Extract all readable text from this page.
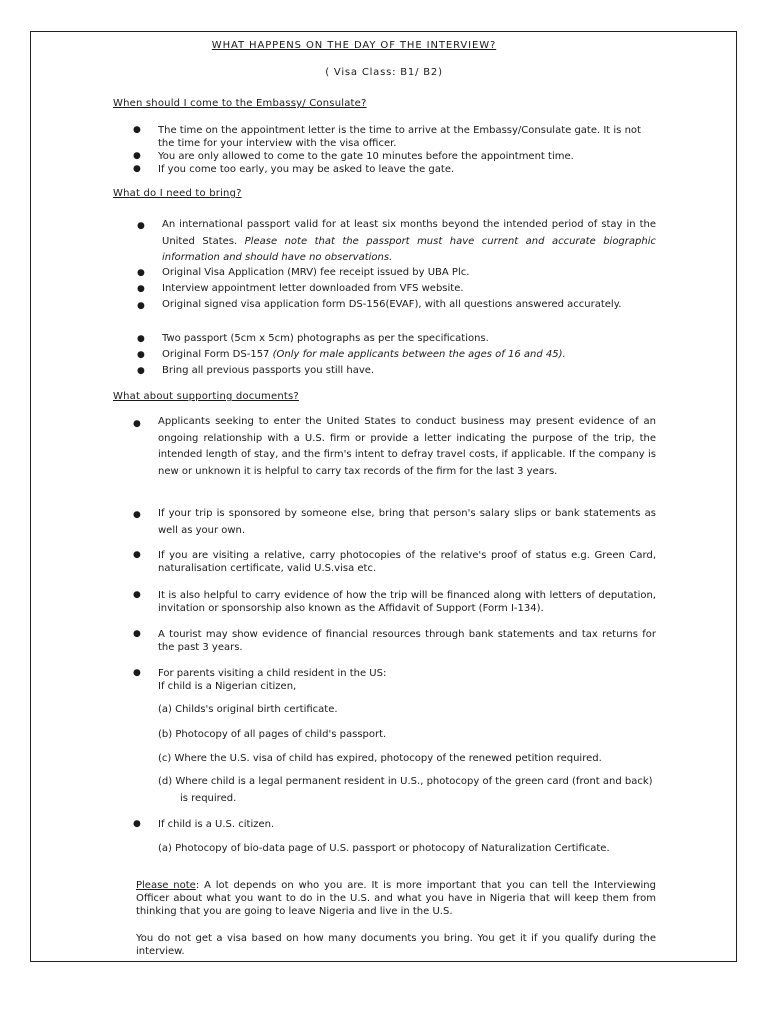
WHAT HAPPENS ON THE DAY OF THE INTERVIEW?

( Visa Class: B1/ B2)

When should I come to the Embassy/ Consulate?

● The time on the appointment letter is the time to arrive at the Embassy/Consulate gate. It is not the time for your interview with the visa officer.
● You are only allowed to come to the gate 10 minutes before the appointment time.
● If you come too early, you may be asked to leave the gate.

What do I need to bring?

● An international passport valid for at least six months beyond the intended period of stay in the United States. Please note that the passport must have current and accurate biographic information and should have no observations.
● Original Visa Application (MRV) fee receipt issued by UBA Plc.
● Interview appointment letter downloaded from VFS website.
● Original signed visa application form DS-156(EVAF), with all questions answered accurately.
● Two passport (5cm x 5cm) photographs as per the specifications.
● Original Form DS-157 (Only for male applicants between the ages of 16 and 45).
● Bring all previous passports you still have.

What about supporting documents?

● Applicants seeking to enter the United States to conduct business may present evidence of an ongoing relationship with a U.S. firm or provide a letter indicating the purpose of the trip, the intended length of stay, and the firm's intent to defray travel costs, if applicable. If the company is new or unknown it is helpful to carry tax records of the firm for the last 3 years.
● If your trip is sponsored by someone else, bring that person's salary slips or bank statements as well as your own.
● If you are visiting a relative, carry photocopies of the relative's proof of status e.g. Green Card, naturalisation certificate, valid U.S.visa etc.
● It is also helpful to carry evidence of how the trip will be financed along with letters of deputation, invitation or sponsorship also known as the Affidavit of Support (Form I-134).
● A tourist may show evidence of financial resources through bank statements and tax returns for the past 3 years.
● For parents visiting a child resident in the US:
If child is a Nigerian citizen,
(a) Childs's original birth certificate.
(b) Photocopy of all pages of child's passport.
(c) Where the U.S. visa of child has expired, photocopy of the renewed petition required.
(d) Where child is a legal permanent resident in U.S., photocopy of the green card (front and back) is required.
● If child is a U.S. citizen.
(a) Photocopy of bio-data page of U.S. passport or photocopy of Naturalization Certificate.
Please note: A lot depends on who you are. It is more important that you can tell the Interviewing Officer about what you want to do in the U.S. and what you have in Nigeria that will keep them from thinking that you are going to leave Nigeria and live in the U.S.
You do not get a visa based on how many documents you bring. You get it if you qualify during the interview.
